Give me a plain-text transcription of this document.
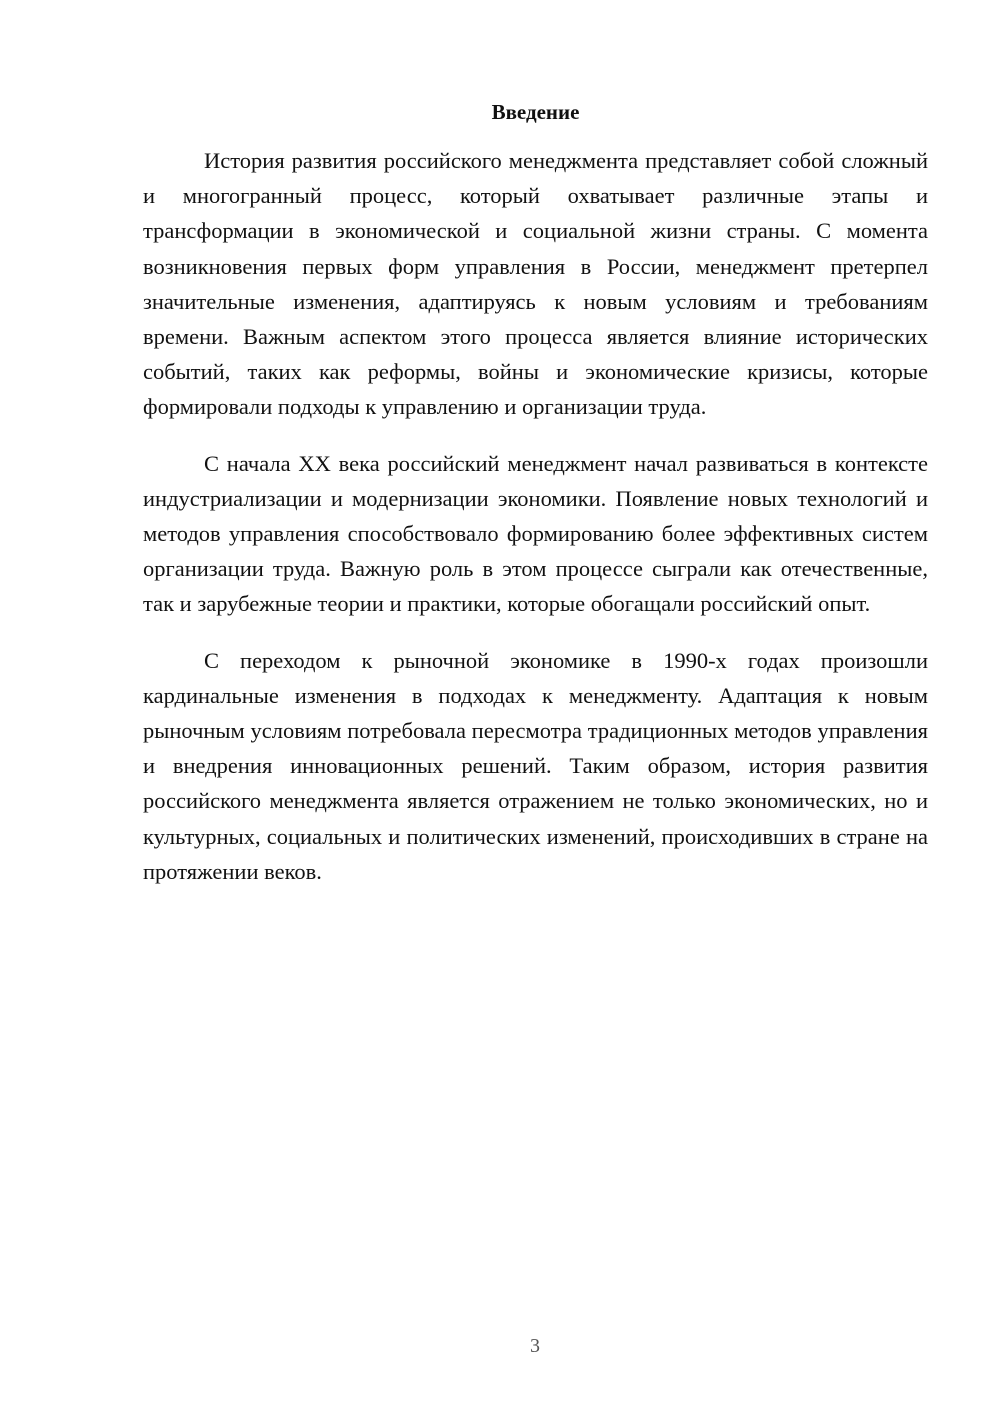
Введение

История развития российского менеджмента представляет собой сложный и многогранный процесс, который охватывает различные этапы и трансформации в экономической и социальной жизни страны. С момента возникновения первых форм управления в России, менеджмент претерпел значительные изменения, адаптируясь к новым условиям и требованиям времени. Важным аспектом этого процесса является влияние исторических событий, таких как реформы, войны и экономические кризисы, которые формировали подходы к управлению и организации труда.

С начала XX века российский менеджмент начал развиваться в контексте индустриализации и модернизации экономики. Появление новых технологий и методов управления способствовало формированию более эффективных систем организации труда. Важную роль в этом процессе сыграли как отечественные, так и зарубежные теории и практики, которые обогащали российский опыт.

С переходом к рыночной экономике в 1990-х годах произошли кардинальные изменения в подходах к менеджменту. Адаптация к новым рыночным условиям потребовала пересмотра традиционных методов управления и внедрения инновационных решений. Таким образом, история развития российского менеджмента является отражением не только экономических, но и культурных, социальных и политических изменений, происходивших в стране на протяжении веков.

3
